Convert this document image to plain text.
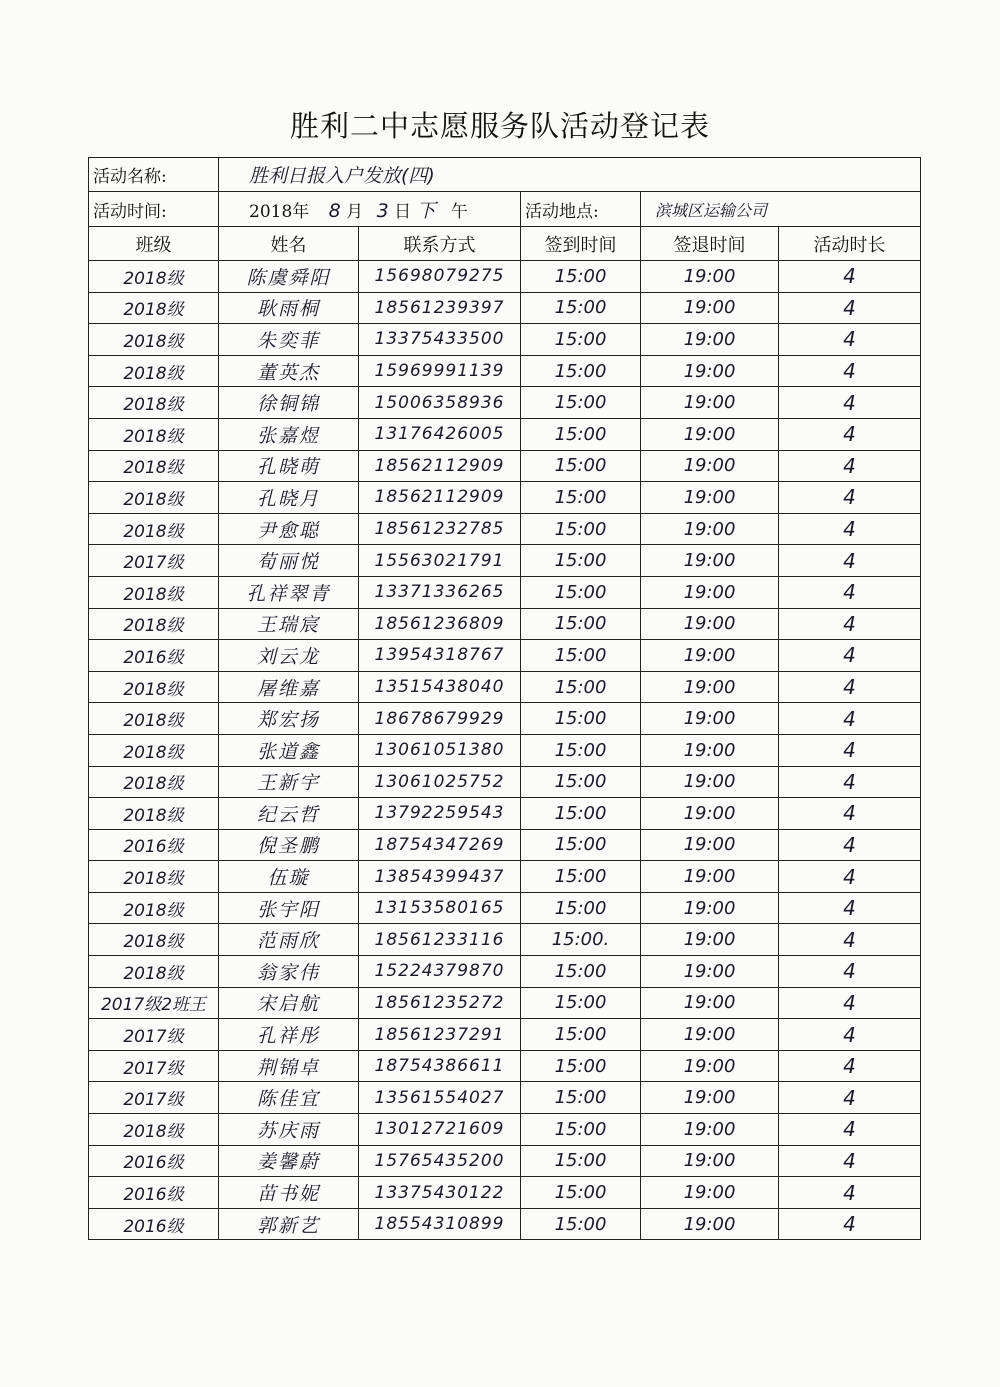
胜利二中志愿服务队活动登记表
活动名称:	胜利日报入户发放(四)				
活动时间:	2018年 8 月 3 日 下 午		活动地点:	滨城区运输公司	
班级	姓名	联系方式	签到时间	签退时间	活动时长
2018级	陈虞舜阳	15698079275	15:00	19:00	4
2018级	耿雨桐	18561239397	15:00	19:00	4
2018级	朱奕菲	13375433500	15:00	19:00	4
2018级	董英杰	15969991139	15:00	19:00	4
2018级	徐铜锦	15006358936	15:00	19:00	4
2018级	张嘉煜	13176426005	15:00	19:00	4
2018级	孔晓萌	18562112909	15:00	19:00	4
2018级	孔晓月	18562112909	15:00	19:00	4
2018级	尹愈聪	18561232785	15:00	19:00	4
2017级	荀丽悦	15563021791	15:00	19:00	4
2018级	孔祥翠青	13371336265	15:00	19:00	4
2018级	王瑞宸	18561236809	15:00	19:00	4
2016级	刘云龙	13954318767	15:00	19:00	4
2018级	屠维嘉	13515438040	15:00	19:00	4
2018级	郑宏扬	18678679929	15:00	19:00	4
2018级	张道鑫	13061051380	15:00	19:00	4
2018级	王新宇	13061025752	15:00	19:00	4
2018级	纪云哲	13792259543	15:00	19:00	4
2016级	倪圣鹏	18754347269	15:00	19:00	4
2018级	伍璇	13854399437	15:00	19:00	4
2018级	张宇阳	13153580165	15:00	19:00	4
2018级	范雨欣	18561233116	15:00.	19:00	4
2018级	翁家伟	15224379870	15:00	19:00	4
2017级2班王	宋启航	18561235272	15:00	19:00	4
2017级	孔祥彤	18561237291	15:00	19:00	4
2017级	荆锦卓	18754386611	15:00	19:00	4
2017级	陈佳宜	13561554027	15:00	19:00	4
2018级	苏庆雨	13012721609	15:00	19:00	4
2016级	姜馨蔚	15765435200	15:00	19:00	4
2016级	苗书妮	13375430122	15:00	19:00	4
2016级	郭新艺	18554310899	15:00	19:00	4
